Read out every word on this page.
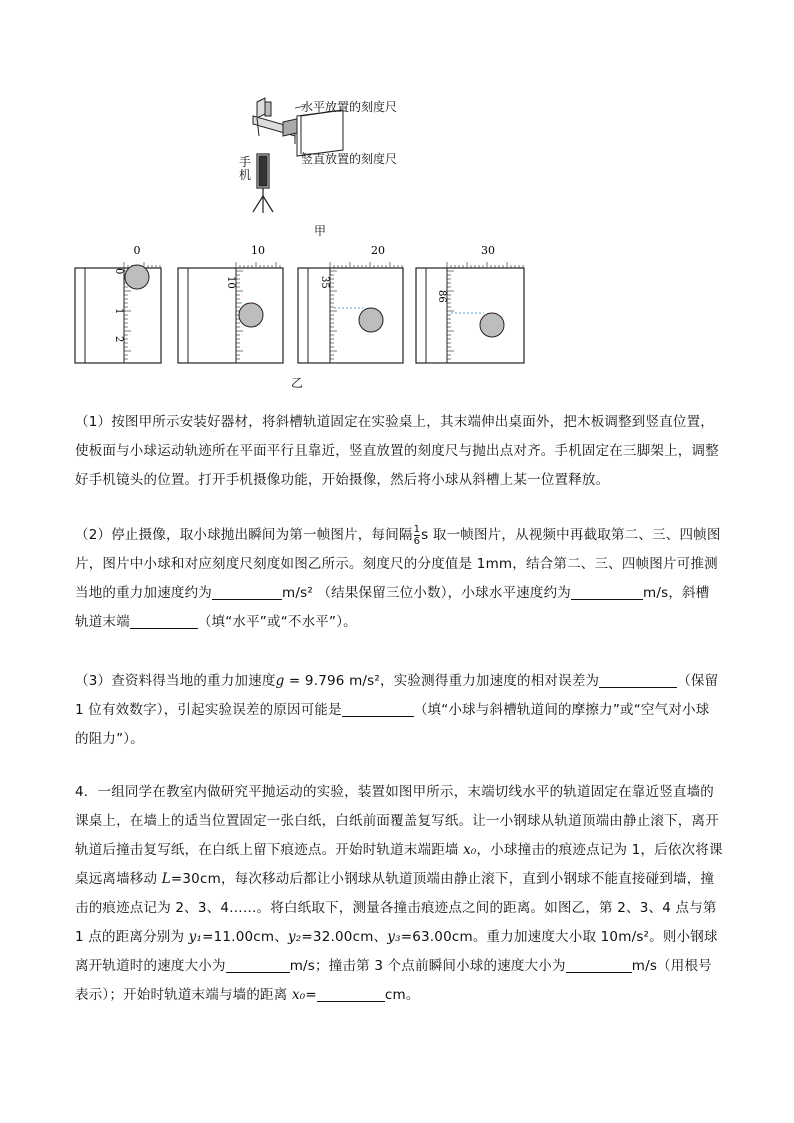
水平放置的刻度尺
竖直放置的刻度尺
手机
甲
0
0
1
2
10
10
20
35
30
86
乙
（1）按图甲所示安装好器材，将斜槽轨道固定在实验桌上，其末端伸出桌面外，把木板调整到竖直位置，使板面与小球运动轨迹所在平面平行且靠近，竖直放置的刻度尺与抛出点对齐。手机固定在三脚架上，调整好手机镜头的位置。打开手机摄像功能，开始摄像，然后将小球从斜槽上某一位置释放。
（2）停止摄像，取小球抛出瞬间为第一帧图片，每间隔 $\frac{1}{6}$ s 取一帧图片，从视频中再截取第二、三、四帧图片，图片中小球和对应刻度尺刻度如图乙所示。刻度尺的分度值是 1mm，结合第二、三、四帧图片可推测当地的重力加速度约为	m/s² （结果保留三位小数），小球水平速度约为	m/s，斜槽轨道末端	（填“水平”或“不水平”）。
（3）查资料得当地的重力加速度g = 9.796 m/s²，实验测得重力加速度的相对误差为	（保留 1 位有效数字），引起实验误差的原因可能是	（填“小球与斜槽轨道间的摩擦力”或“空气对小球的阻力”）。
4．一组同学在教室内做研究平抛运动的实验，装置如图甲所示，末端切线水平的轨道固定在靠近竖直墙的课桌上，在墙上的适当位置固定一张白纸，白纸前面覆盖复写纸。让一小钢球从轨道顶端由静止滚下，离开轨道后撞击复写纸，在白纸上留下痕迹点。开始时轨道末端距墙 x₀，小球撞击的痕迹点记为 1，后依次将课桌远离墙移动 L=30cm，每次移动后都让小钢球从轨道顶端由静止滚下，直到小钢球不能直接碰到墙，撞击的痕迹点记为 2、3、4……。将白纸取下，测量各撞击痕迹点之间的距离。如图乙，第 2、3、4 点与第 1 点的距离分别为 y₁=11.00cm、y₂=32.00cm、y₃=63.00cm。重力加速度大小取 10m/s²。则小钢球离开轨道时的速度大小为	m/s；撞击第 3 个点前瞬间小球的速度大小为	m/s（用根号表示）；开始时轨道末端与墙的距离 x₀=	cm。
